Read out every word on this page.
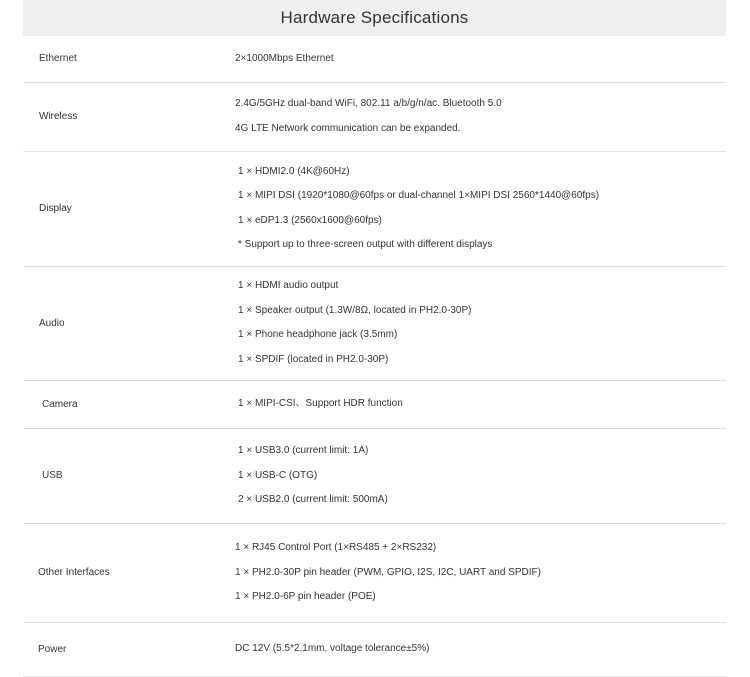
Hardware Specifications
Ethernet	2×1000Mbps Ethernet

Wireless	2.4G/5GHz dual-band WiFi, 802.11 a/b/g/n/ac. Bluetooth 5.0
4G LTE Network communication can be expanded.

Display	1 × HDMI2.0 (4K@60Hz)
1 × MIPI DSI (1920*1080@60fps or dual-channel 1×MIPI DSI 2560*1440@60fps)
1 × eDP1.3 (2560x1600@60fps)
* Support up to three-screen output with different displays

Audio	1 × HDMI audio output
1 × Speaker output (1.3W/8Ω, located in PH2.0-30P)
1 × Phone headphone jack (3.5mm)
1 × SPDIF (located in PH2.0-30P)

Camera	1 × MIPI-CSI、Support HDR function

USB	1 × USB3.0 (current limit: 1A)
1 × USB-C (OTG)
2 × USB2.0 (current limit: 500mA)

Other Interfaces	1 × RJ45 Control Port (1×RS485 + 2×RS232)
1 × PH2.0-30P pin header (PWM, GPIO, I2S, I2C, UART and SPDIF)
1 × PH2.0-6P pin header (POE)

Power	DC 12V (5.5*2.1mm, voltage tolerance±5%)
